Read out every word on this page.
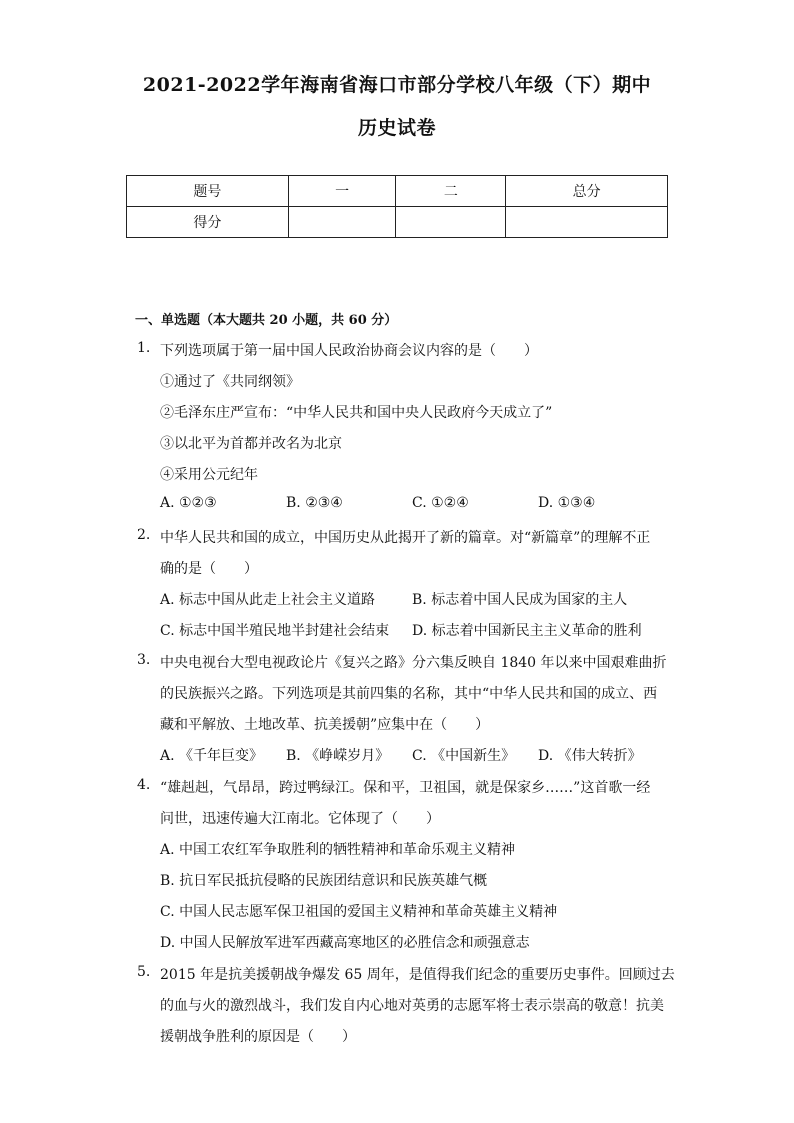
2021-2022学年海南省海口市部分学校八年级（下）期中
历史试卷
题号	一	二	总分
得分			
一、单选题（本大题共 20 小题，共 60 分）
1. 下列选项属于第一届中国人民政治协商会议内容的是（　　）
①通过了《共同纲领》
②毛泽东庄严宣布：“中华人民共和国中央人民政府今天成立了”
③以北平为首都并改名为北京
④采用公元纪年
A. ①②③	B. ②③④	C. ①②④	D. ①③④
2. 中华人民共和国的成立，中国历史从此揭开了新的篇章。对“新篇章”的理解不正
确的是（　　）
A. 标志中国从此走上社会主义道路	B. 标志着中国人民成为国家的主人
C. 标志中国半殖民地半封建社会结束 D. 标志着中国新民主主义革命的胜利
3. 中央电视台大型电视政论片《复兴之路》分六集反映自 1840 年以来中国艰难曲折
的民族振兴之路。下列选项是其前四集的名称，其中“中华人民共和国的成立、西
藏和平解放、土地改革、抗美援朝”应集中在（　　）
A. 《千年巨变》 B. 《峥嵘岁月》 C. 《中国新生》 D. 《伟大转折》
4. “雄赳赳，气昂昂，跨过鸭绿江。保和平，卫祖国，就是保家乡……”这首歌一经
问世，迅速传遍大江南北。它体现了（　　）
A. 中国工农红军争取胜利的牺牲精神和革命乐观主义精神
B. 抗日军民抵抗侵略的民族团结意识和民族英雄气概
C. 中国人民志愿军保卫祖国的爱国主义精神和革命英雄主义精神
D. 中国人民解放军进军西藏高寒地区的必胜信念和顽强意志
5. 2015 年是抗美援朝战争爆发 65 周年，是值得我们纪念的重要历史事件。回顾过去
的血与火的激烈战斗，我们发自内心地对英勇的志愿军将士表示崇高的敬意！抗美
援朝战争胜利的原因是（　　）
